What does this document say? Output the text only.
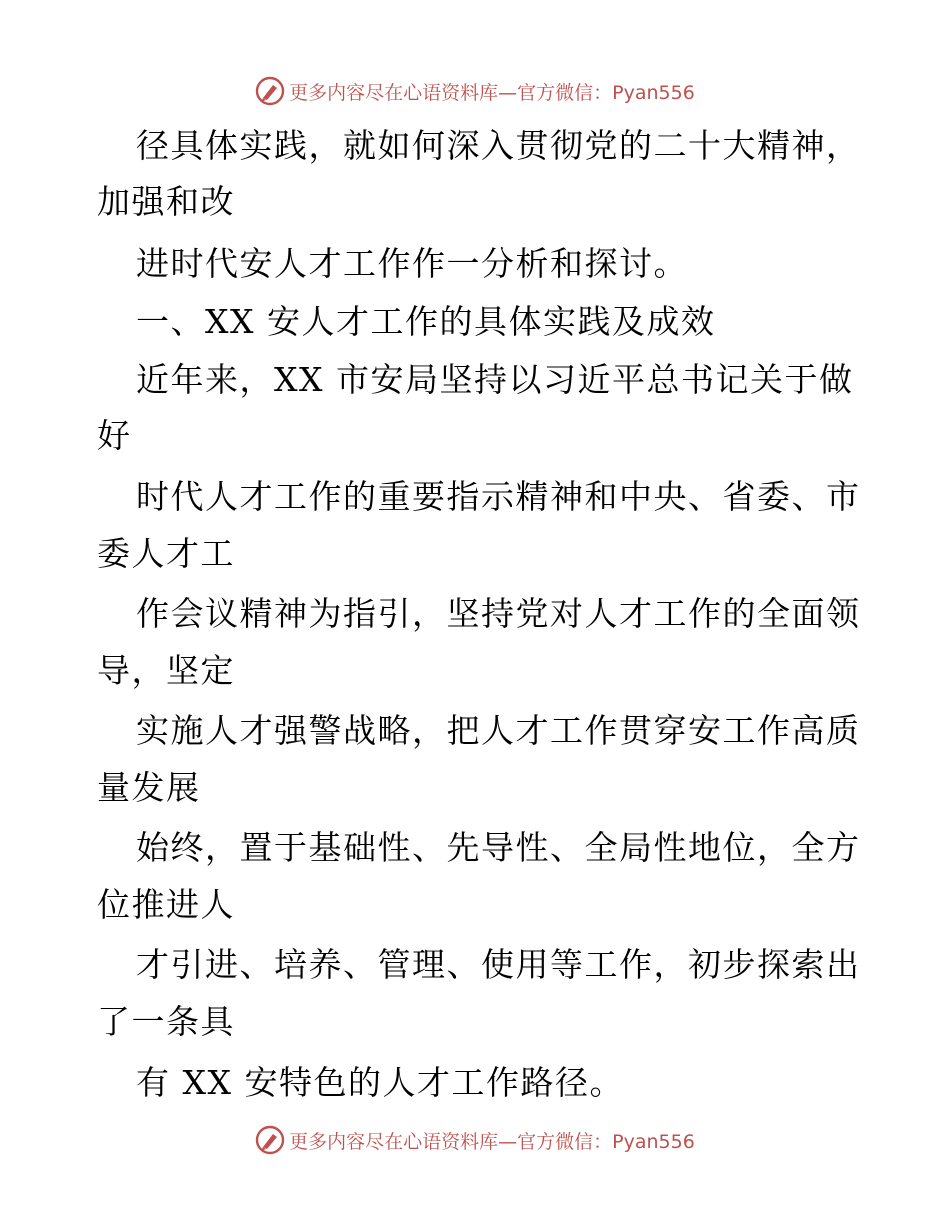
更多内容尽在心语资料库—官方微信：Pyan556
径具体实践，就如何深入贯彻党的二十大精神，
加强和改
进时代安人才工作作一分析和探讨。
一、XX 安人才工作的具体实践及成效
近年来，XX 市安局坚持以习近平总书记关于做
好
时代人才工作的重要指示精神和中央、省委、市
委人才工
作会议精神为指引，坚持党对人才工作的全面领
导，坚定
实施人才强警战略，把人才工作贯穿安工作高质
量发展
始终，置于基础性、先导性、全局性地位，全方
位推进人
才引进、培养、管理、使用等工作，初步探索出
了一条具
有 XX 安特色的人才工作路径。
更多内容尽在心语资料库—官方微信：Pyan556
